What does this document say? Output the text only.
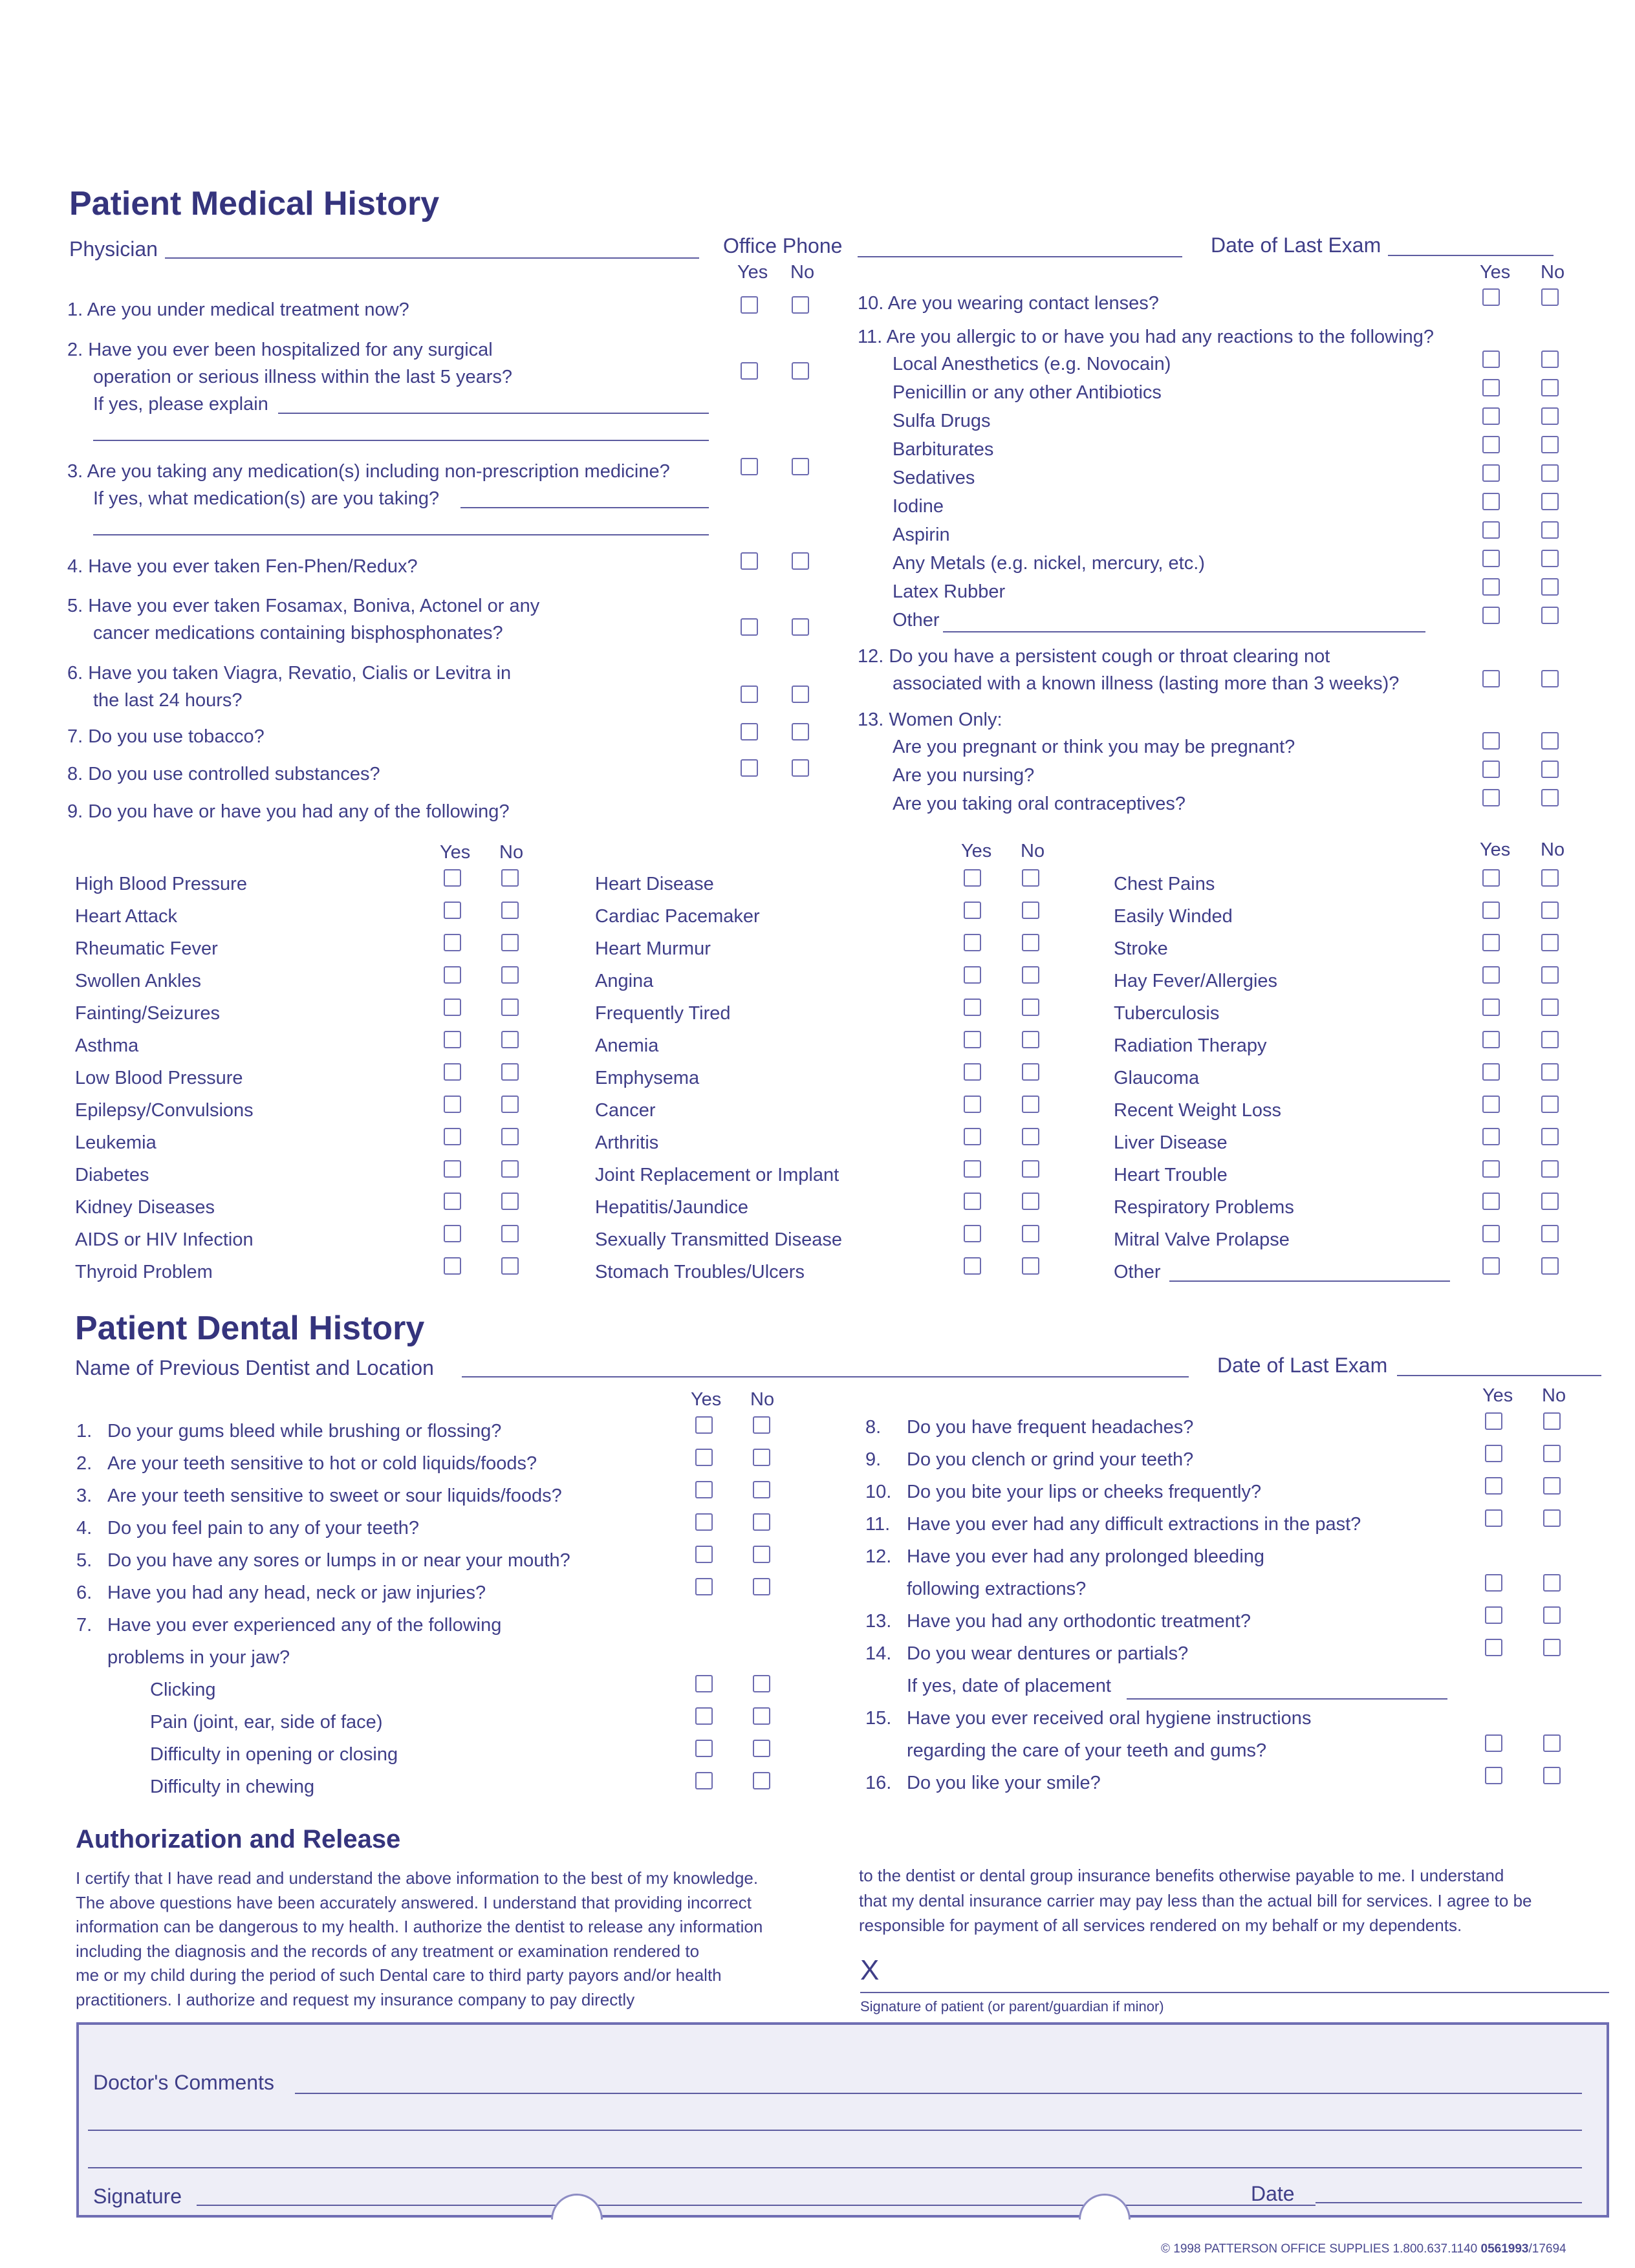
Patient Medical History
Physician	Office Phone	Date of Last Exam
Yes No	Yes No
1. Are you under medical treatment now?
2. Have you ever been hospitalized for any surgical
operation or serious illness within the last 5 years?
If yes, please explain
3. Are you taking any medication(s) including non-prescription medicine?
If yes, what medication(s) are you taking?
4. Have you ever taken Fen-Phen/Redux?
5. Have you ever taken Fosamax, Boniva, Actonel or any
cancer medications containing bisphosphonates?
6. Have you taken Viagra, Revatio, Cialis or Levitra in
the last 24 hours?
7. Do you use tobacco?
8. Do you use controlled substances?
9. Do you have or have you had any of the following?
10. Are you wearing contact lenses?
11. Are you allergic to or have you had any reactions to the following?
12. Do you have a persistent cough or throat clearing not
associated with a known illness (lasting more than 3 weeks)?
13. Women Only:
Yes No	Yes No	Yes No
Patient Dental History
Name of Previous Dentist and Location	Date of Last Exam
Yes No	Yes No
Authorization and Release
X
Signature of patient (or parent/guardian if minor)
Doctor's Comments
Signature	Date
© 1998 PATTERSON OFFICE SUPPLIES 1.800.637.1140 0561993/17694
Local Anesthetics (e.g. Novocain)
Penicillin or any other Antibiotics
Sulfa Drugs
Barbiturates
Sedatives
Iodine
Aspirin
Any Metals (e.g. nickel, mercury, etc.)
Latex Rubber
Other
Are you pregnant or think you may be pregnant?
Are you nursing?
Are you taking oral contraceptives?
High Blood Pressure
Heart Attack
Rheumatic Fever
Swollen Ankles
Fainting/Seizures
Asthma
Low Blood Pressure
Epilepsy/Convulsions
Leukemia
Diabetes
Kidney Diseases
AIDS or HIV Infection
Thyroid Problem
Heart Disease
Cardiac Pacemaker
Heart Murmur
Angina
Frequently Tired
Anemia
Emphysema
Cancer
Arthritis
Joint Replacement or Implant
Hepatitis/Jaundice
Sexually Transmitted Disease
Stomach Troubles/Ulcers
Chest Pains
Easily Winded
Stroke
Hay Fever/Allergies
Tuberculosis
Radiation Therapy
Glaucoma
Recent Weight Loss
Liver Disease
Heart Trouble
Respiratory Problems
Mitral Valve Prolapse
Other
1. Do your gums bleed while brushing or flossing?
2. Are your teeth sensitive to hot or cold liquids/foods?
3. Are your teeth sensitive to sweet or sour liquids/foods?
4. Do you feel pain to any of your teeth?
5. Do you have any sores or lumps in or near your mouth?
6. Have you had any head, neck or jaw injuries?
7. Have you ever experienced any of the following
problems in your jaw?
Clicking
Pain (joint, ear, side of face)
Difficulty in opening or closing
Difficulty in chewing
8. Do you have frequent headaches?
9. Do you clench or grind your teeth?
10. Do you bite your lips or cheeks frequently?
11. Have you ever had any difficult extractions in the past?
12. Have you ever had any prolonged bleeding
following extractions?
13. Have you had any orthodontic treatment?
14. Do you wear dentures or partials?
If yes, date of placement
15. Have you ever received oral hygiene instructions
regarding the care of your teeth and gums?
16. Do you like your smile?
I certify that I have read and understand the above information to the best of my knowledge.
The above questions have been accurately answered. I understand that providing incorrect
information can be dangerous to my health. I authorize the dentist to release any information
including the diagnosis and the records of any treatment or examination rendered to
me or my child during the period of such Dental care to third party payors and/or health
practitioners. I authorize and request my insurance company to pay directly
to the dentist or dental group insurance benefits otherwise payable to me. I understand
that my dental insurance carrier may pay less than the actual bill for services. I agree to be
responsible for payment of all services rendered on my behalf or my dependents.
